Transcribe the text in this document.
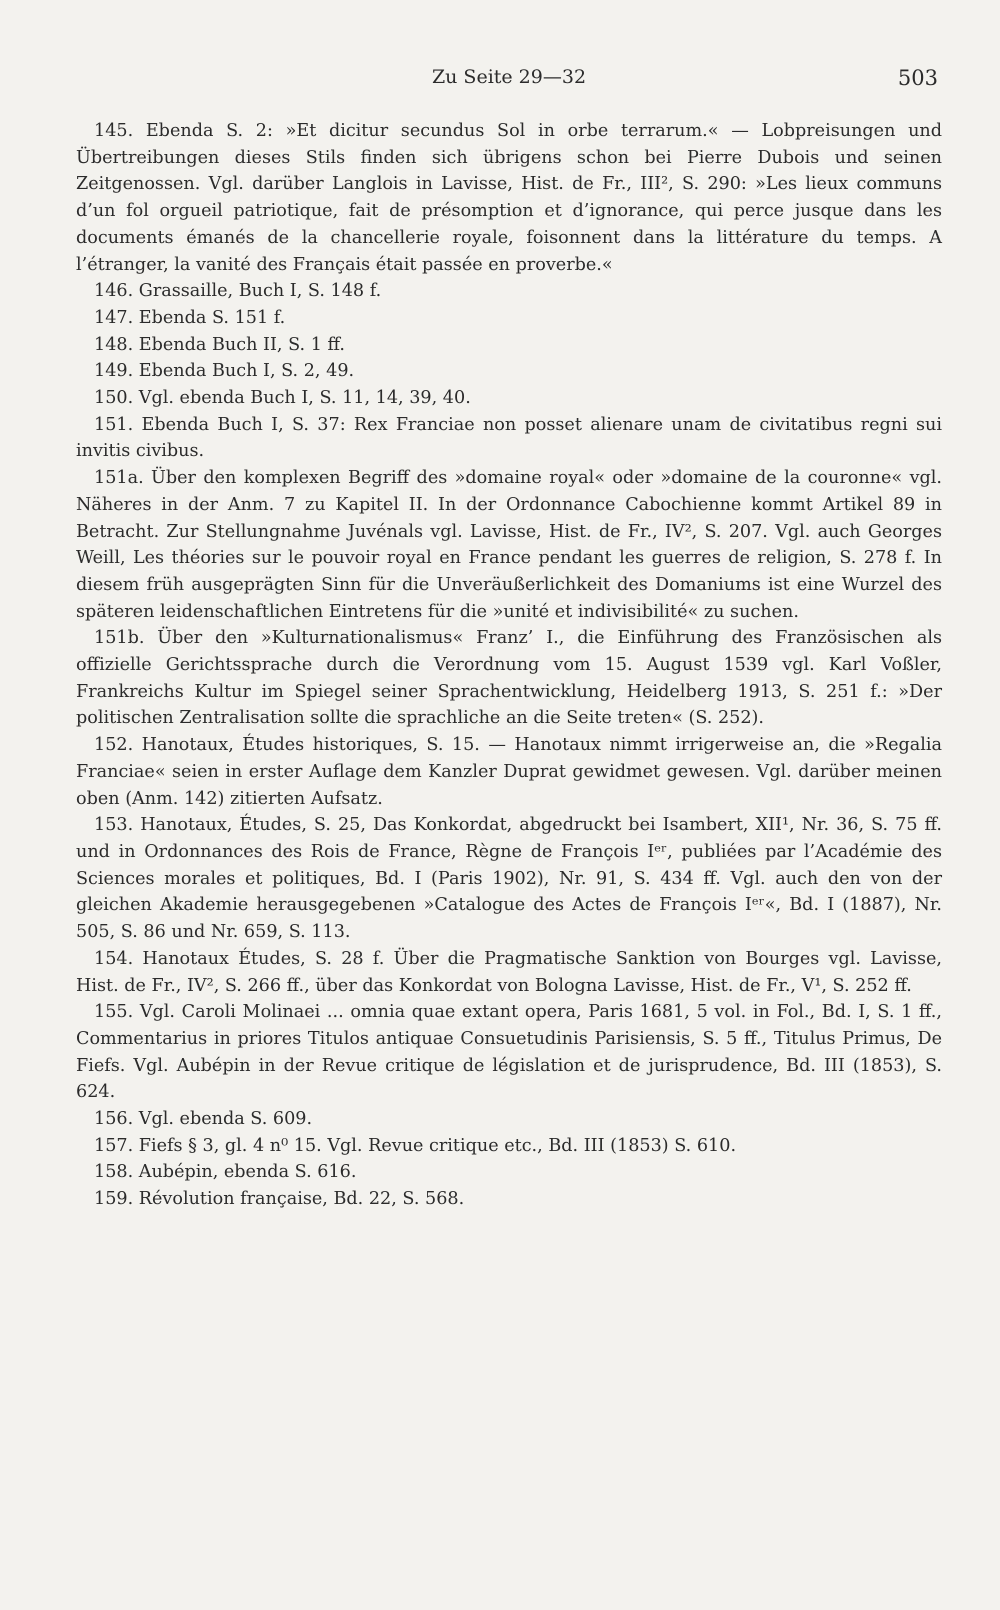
Zu Seite 29—32	503

145. Ebenda S. 2: »Et dicitur secundus Sol in orbe terrarum.« — Lobpreisungen und Übertreibungen dieses Stils finden sich übrigens schon bei Pierre Dubois und seinen Zeitgenossen. Vgl. darüber Langlois in Lavisse, Hist. de Fr., III², S. 290: »Les lieux communs d’un fol orgueil patriotique, fait de présomption et d’ignorance, qui perce jusque dans les documents émanés de la chancellerie royale, foisonnent dans la littérature du temps. A l’étranger, la vanité des Français était passée en proverbe.«

146. Grassaille, Buch I, S. 148 f.

147. Ebenda S. 151 f.

148. Ebenda Buch II, S. 1 ff.

149. Ebenda Buch I, S. 2, 49.

150. Vgl. ebenda Buch I, S. 11, 14, 39, 40.

151. Ebenda Buch I, S. 37: Rex Franciae non posset alienare unam de civitatibus regni sui invitis civibus.

151a. Über den komplexen Begriff des »domaine royal« oder »domaine de la couronne« vgl. Näheres in der Anm. 7 zu Kapitel II. In der Ordonnance Cabochienne kommt Artikel 89 in Betracht. Zur Stellungnahme Juvénals vgl. Lavisse, Hist. de Fr., IV², S. 207. Vgl. auch Georges Weill, Les théories sur le pouvoir royal en France pendant les guerres de religion, S. 278 f. In diesem früh ausgeprägten Sinn für die Unveräußerlichkeit des Domaniums ist eine Wurzel des späteren leidenschaftlichen Eintretens für die »unité et indivisibilité« zu suchen.

151b. Über den »Kulturnationalismus« Franz’ I., die Einführung des Französischen als offizielle Gerichtssprache durch die Verordnung vom 15. August 1539 vgl. Karl Voßler, Frankreichs Kultur im Spiegel seiner Sprachentwicklung, Heidelberg 1913, S. 251 f.: »Der politischen Zentralisation sollte die sprachliche an die Seite treten« (S. 252).

152. Hanotaux, Études historiques, S. 15. — Hanotaux nimmt irrigerweise an, die »Regalia Franciae« seien in erster Auflage dem Kanzler Duprat gewidmet gewesen. Vgl. darüber meinen oben (Anm. 142) zitierten Aufsatz.

153. Hanotaux, Études, S. 25, Das Konkordat, abgedruckt bei Isambert, XII¹, Nr. 36, S. 75 ff. und in Ordonnances des Rois de France, Règne de François Iᵉʳ, publiées par l’Académie des Sciences morales et politiques, Bd. I (Paris 1902), Nr. 91, S. 434 ff. Vgl. auch den von der gleichen Akademie herausgegebenen »Catalogue des Actes de François Iᵉʳ«, Bd. I (1887), Nr. 505, S. 86 und Nr. 659, S. 113.

154. Hanotaux Études, S. 28 f. Über die Pragmatische Sanktion von Bourges vgl. Lavisse, Hist. de Fr., IV², S. 266 ff., über das Konkordat von Bologna Lavisse, Hist. de Fr., V¹, S. 252 ff.

155. Vgl. Caroli Molinaei ... omnia quae extant opera, Paris 1681, 5 vol. in Fol., Bd. I, S. 1 ff., Commentarius in priores Titulos antiquae Consuetudinis Parisiensis, S. 5 ff., Titulus Primus, De Fiefs. Vgl. Aubépin in der Revue critique de législation et de jurisprudence, Bd. III (1853), S. 624.

156. Vgl. ebenda S. 609.

157. Fiefs § 3, gl. 4 n⁰ 15. Vgl. Revue critique etc., Bd. III (1853) S. 610.

158. Aubépin, ebenda S. 616.

159. Révolution française, Bd. 22, S. 568.
